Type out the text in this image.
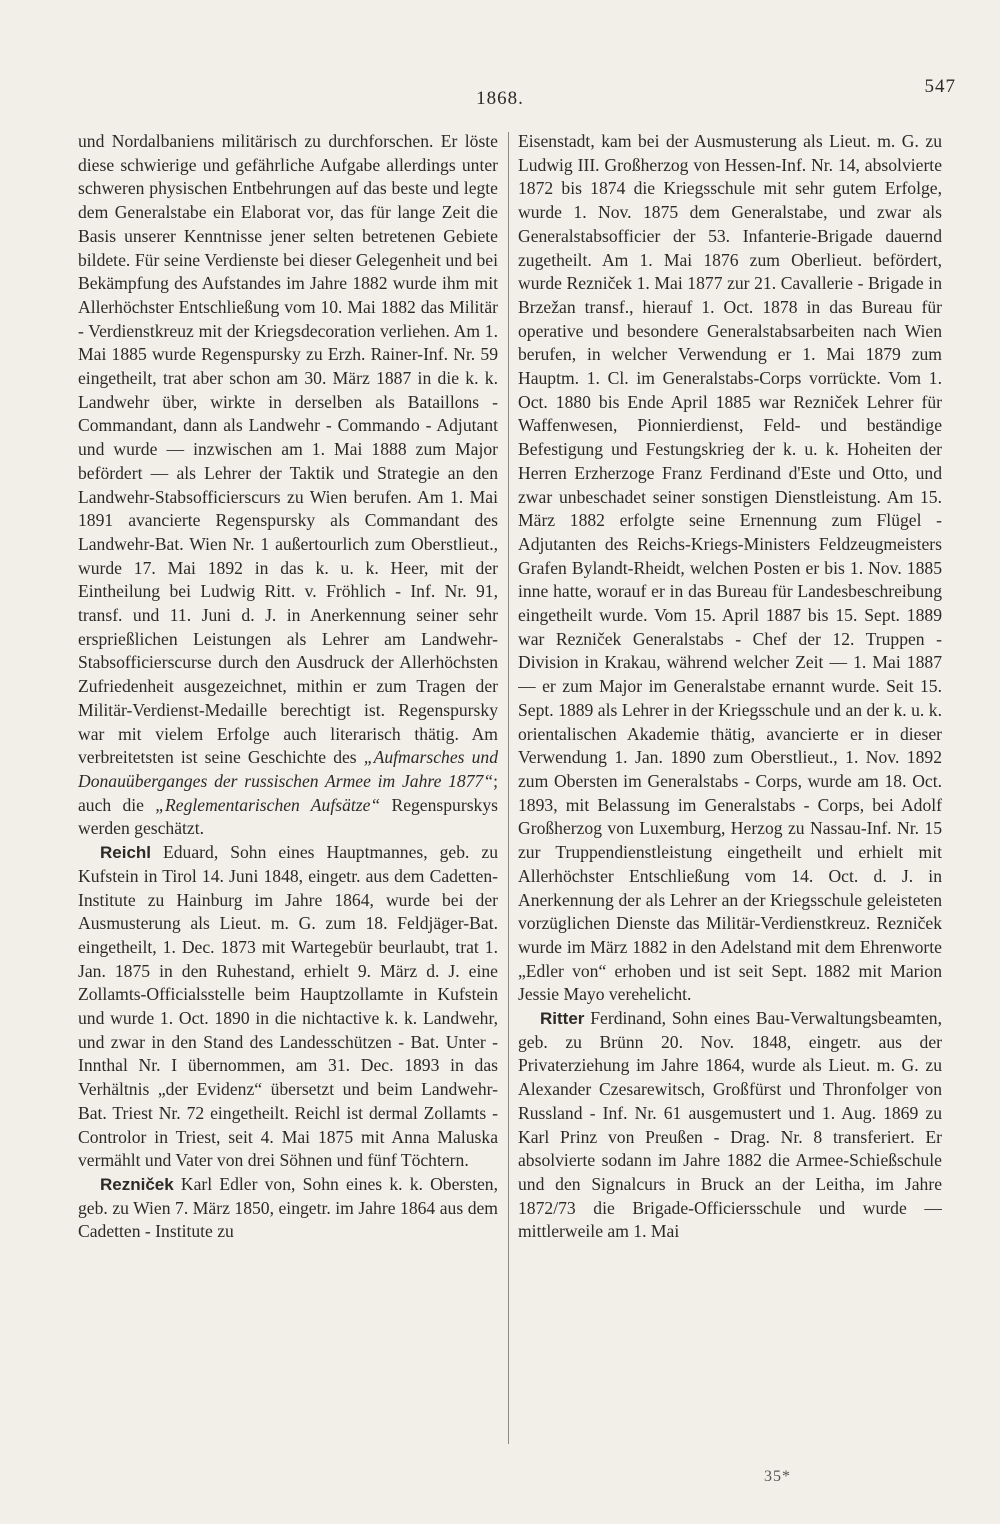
1868.
547

und Nordalbaniens militärisch zu durchforschen. Er löste diese schwierige und gefährliche Aufgabe allerdings unter schweren physischen Entbehrungen auf das beste und legte dem Generalstabe ein Elaborat vor, das für lange Zeit die Basis unserer Kenntnisse jener selten betretenen Gebiete bildete. Für seine Verdienste bei dieser Gelegenheit und bei Bekämpfung des Aufstandes im Jahre 1882 wurde ihm mit Allerhöchster Entschließung vom 10. Mai 1882 das Militär - Verdienstkreuz mit der Kriegsdecoration verliehen. Am 1. Mai 1885 wurde Regenspursky zu Erzh. Rainer-Inf. Nr. 59 eingetheilt, trat aber schon am 30. März 1887 in die k. k. Landwehr über, wirkte in derselben als Bataillons - Commandant, dann als Landwehr - Commando - Adjutant und wurde — inzwischen am 1. Mai 1888 zum Major befördert — als Lehrer der Taktik und Strategie an den Landwehr-Stabsofficierscurs zu Wien berufen. Am 1. Mai 1891 avancierte Regenspursky als Commandant des Landwehr-Bat. Wien Nr. 1 außertourlich zum Oberstlieut., wurde 17. Mai 1892 in das k. u. k. Heer, mit der Eintheilung bei Ludwig Ritt. v. Fröhlich - Inf. Nr. 91, transf. und 11. Juni d. J. in Anerkennung seiner sehr ersprießlichen Leistungen als Lehrer am Landwehr-Stabsofficierscurse durch den Ausdruck der Allerhöchsten Zufriedenheit ausgezeichnet, mithin er zum Tragen der Militär-Verdienst-Medaille berechtigt ist. Regenspursky war mit vielem Erfolge auch literarisch thätig. Am verbreitetsten ist seine Geschichte des „Aufmarsches und Donauüberganges der russischen Armee im Jahre 1877“; auch die „Reglementarischen Aufsätze“ Regenspurskys werden geschätzt.

Reichl Eduard, Sohn eines Hauptmannes, geb. zu Kufstein in Tirol 14. Juni 1848, eingetr. aus dem Cadetten-Institute zu Hainburg im Jahre 1864, wurde bei der Ausmusterung als Lieut. m. G. zum 18. Feldjäger-Bat. eingetheilt, 1. Dec. 1873 mit Wartegebür beurlaubt, trat 1. Jan. 1875 in den Ruhestand, erhielt 9. März d. J. eine Zollamts-Officialsstelle beim Hauptzollamte in Kufstein und wurde 1. Oct. 1890 in die nichtactive k. k. Landwehr, und zwar in den Stand des Landesschützen - Bat. Unter - Innthal Nr. I übernommen, am 31. Dec. 1893 in das Verhältnis „der Evidenz“ übersetzt und beim Landwehr-Bat. Triest Nr. 72 eingetheilt. Reichl ist dermal Zollamts - Controlor in Triest, seit 4. Mai 1875 mit Anna Maluska vermählt und Vater von drei Söhnen und fünf Töchtern.

Rezniček Karl Edler von, Sohn eines k. k. Obersten, geb. zu Wien 7. März 1850, eingetr. im Jahre 1864 aus dem Cadetten - Institute zu

Eisenstadt, kam bei der Ausmusterung als Lieut. m. G. zu Ludwig III. Großherzog von Hessen-Inf. Nr. 14, absolvierte 1872 bis 1874 die Kriegsschule mit sehr gutem Erfolge, wurde 1. Nov. 1875 dem Generalstabe, und zwar als Generalstabsofficier der 53. Infanterie-Brigade dauernd zugetheilt. Am 1. Mai 1876 zum Oberlieut. befördert, wurde Rezniček 1. Mai 1877 zur 21. Cavallerie - Brigade in Brzežan transf., hierauf 1. Oct. 1878 in das Bureau für operative und besondere Generalstabsarbeiten nach Wien berufen, in welcher Verwendung er 1. Mai 1879 zum Hauptm. 1. Cl. im Generalstabs-Corps vorrückte. Vom 1. Oct. 1880 bis Ende April 1885 war Rezniček Lehrer für Waffenwesen, Pionnierdienst, Feld- und beständige Befestigung und Festungskrieg der k. u. k. Hoheiten der Herren Erzherzoge Franz Ferdinand d'Este und Otto, und zwar unbeschadet seiner sonstigen Dienstleistung. Am 15. März 1882 erfolgte seine Ernennung zum Flügel - Adjutanten des Reichs-Kriegs-Ministers Feldzeugmeisters Grafen Bylandt-Rheidt, welchen Posten er bis 1. Nov. 1885 inne hatte, worauf er in das Bureau für Landesbeschreibung eingetheilt wurde. Vom 15. April 1887 bis 15. Sept. 1889 war Rezniček Generalstabs - Chef der 12. Truppen - Division in Krakau, während welcher Zeit — 1. Mai 1887 — er zum Major im Generalstabe ernannt wurde. Seit 15. Sept. 1889 als Lehrer in der Kriegsschule und an der k. u. k. orientalischen Akademie thätig, avancierte er in dieser Verwendung 1. Jan. 1890 zum Oberstlieut., 1. Nov. 1892 zum Obersten im Generalstabs - Corps, wurde am 18. Oct. 1893, mit Belassung im Generalstabs - Corps, bei Adolf Großherzog von Luxemburg, Herzog zu Nassau-Inf. Nr. 15 zur Truppendienstleistung eingetheilt und erhielt mit Allerhöchster Entschließung vom 14. Oct. d. J. in Anerkennung der als Lehrer an der Kriegsschule geleisteten vorzüglichen Dienste das Militär-Verdienstkreuz. Rezniček wurde im März 1882 in den Adelstand mit dem Ehrenworte „Edler von“ erhoben und ist seit Sept. 1882 mit Marion Jessie Mayo verehelicht.

Ritter Ferdinand, Sohn eines Bau-Verwaltungsbeamten, geb. zu Brünn 20. Nov. 1848, eingetr. aus der Privaterziehung im Jahre 1864, wurde als Lieut. m. G. zu Alexander Czesarewitsch, Großfürst und Thronfolger von Russland - Inf. Nr. 61 ausgemustert und 1. Aug. 1869 zu Karl Prinz von Preußen - Drag. Nr. 8 transferiert. Er absolvierte sodann im Jahre 1882 die Armee-Schießschule und den Signalcurs in Bruck an der Leitha, im Jahre 1872/73 die Brigade-Officiersschule und wurde — mittlerweile am 1. Mai

35*
